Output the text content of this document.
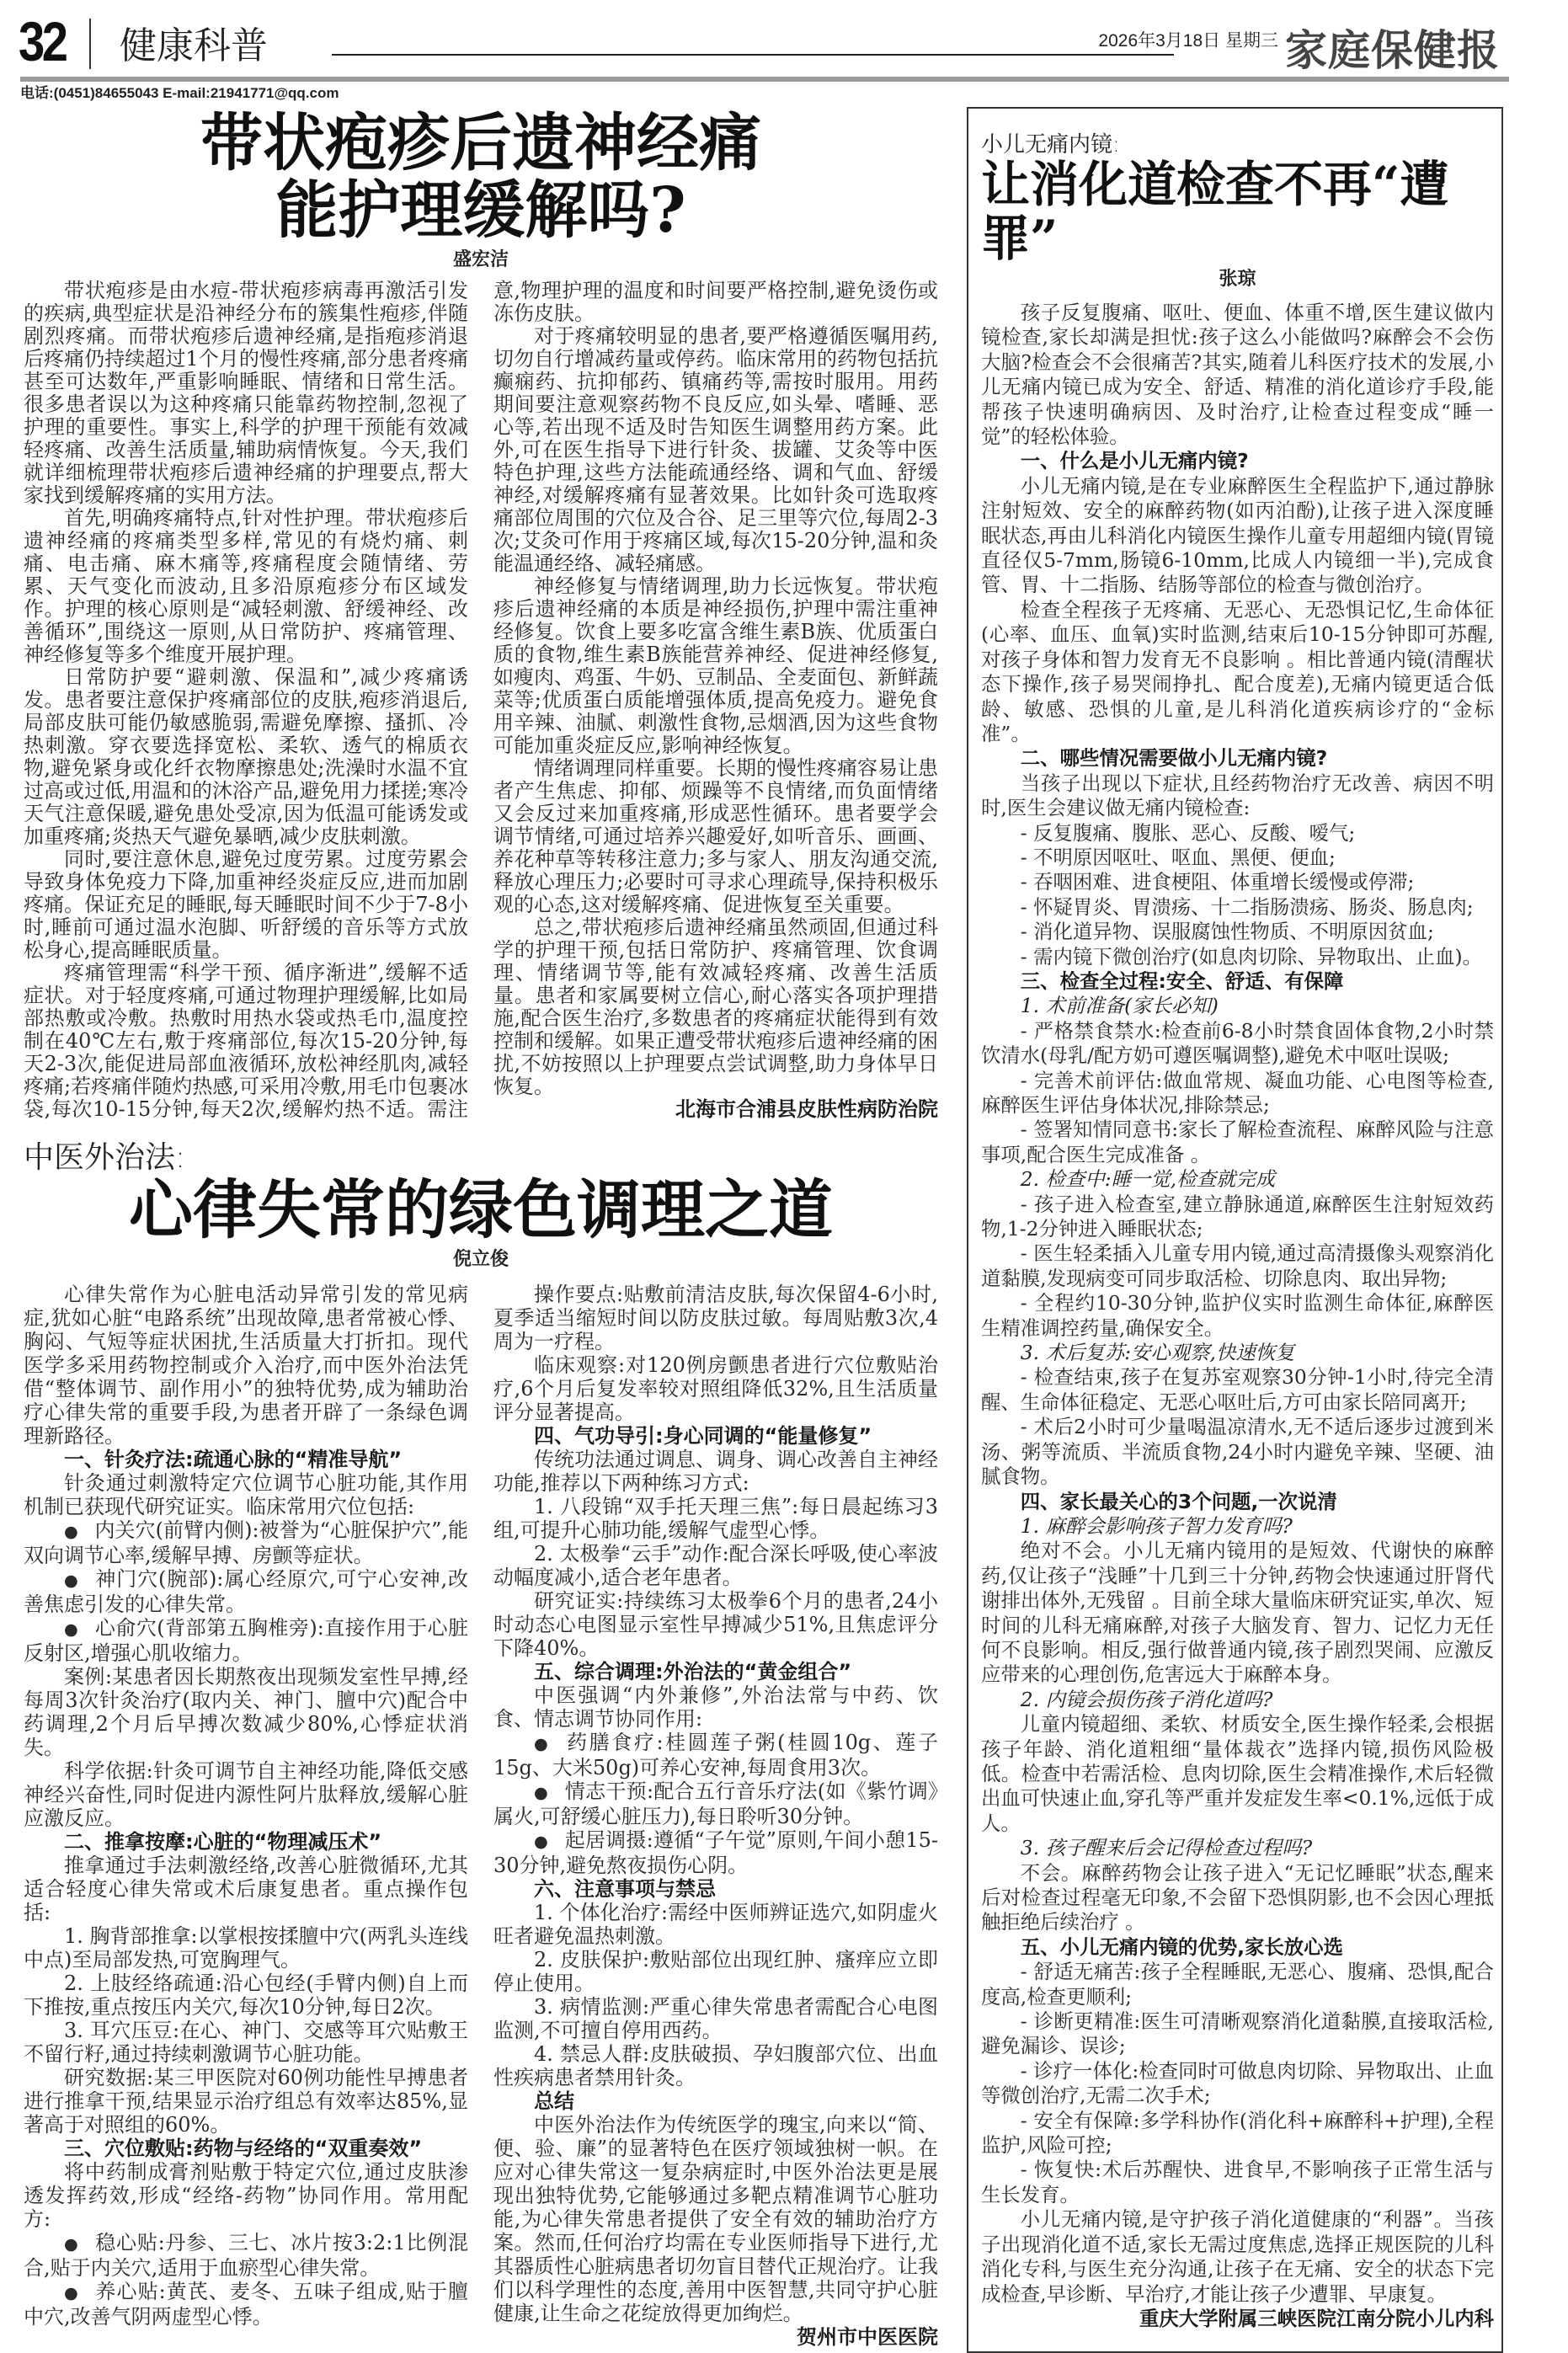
32 健康科普	2026年3月18日 星期三 家庭保健报
电话:(0451)84655043 E-mail:21941771@qq.com
带状疱疹后遗神经痛
能护理缓解吗?
盛宏洁

带状疱疹是由水痘-带状疱疹病毒再激活引发的疾病,典型症状是沿神经分布的簇集性疱疹,伴随剧烈疼痛。而带状疱疹后遗神经痛,是指疱疹消退后疼痛仍持续超过1个月的慢性疼痛,部分患者疼痛甚至可达数年,严重影响睡眠、情绪和日常生活。很多患者误以为这种疼痛只能靠药物控制,忽视了护理的重要性。事实上,科学的护理干预能有效减轻疼痛、改善生活质量,辅助病情恢复。今天,我们就详细梳理带状疱疹后遗神经痛的护理要点,帮大家找到缓解疼痛的实用方法。

首先,明确疼痛特点,针对性护理。带状疱疹后遗神经痛的疼痛类型多样,常见的有烧灼痛、刺痛、电击痛、麻木痛等,疼痛程度会随情绪、劳累、天气变化而波动,且多沿原疱疹分布区域发作。护理的核心原则是“减轻刺激、舒缓神经、改善循环”,围绕这一原则,从日常防护、疼痛管理、神经修复等多个维度开展护理。

日常防护要“避刺激、保温和”,减少疼痛诱发。患者要注意保护疼痛部位的皮肤,疱疹消退后,局部皮肤可能仍敏感脆弱,需避免摩擦、搔抓、冷热刺激。穿衣要选择宽松、柔软、透气的棉质衣物,避免紧身或化纤衣物摩擦患处;洗澡时水温不宜过高或过低,用温和的沐浴产品,避免用力揉搓;寒冷天气注意保暖,避免患处受凉,因为低温可能诱发或加重疼痛;炎热天气避免暴晒,减少皮肤刺激。

同时,要注意休息,避免过度劳累。过度劳累会导致身体免疫力下降,加重神经炎症反应,进而加剧疼痛。保证充足的睡眠,每天睡眠时间不少于7-8小时,睡前可通过温水泡脚、听舒缓的音乐等方式放松身心,提高睡眠质量。

疼痛管理需“科学干预、循序渐进”,缓解不适症状。对于轻度疼痛,可通过物理护理缓解,比如局部热敷或冷敷。热敷时用热水袋或热毛巾,温度控制在40℃左右,敷于疼痛部位,每次15-20分钟,每天2-3次,能促进局部血液循环,放松神经肌肉,减轻疼痛;若疼痛伴随灼热感,可采用冷敷,用毛巾包裹冰袋,每次10-15分钟,每天2次,缓解灼热不适。需注意,物理护理的温度和时间要严格控制,避免烫伤或冻伤皮肤。

对于疼痛较明显的患者,要严格遵循医嘱用药,切勿自行增减药量或停药。临床常用的药物包括抗癫痫药、抗抑郁药、镇痛药等,需按时服用。用药期间要注意观察药物不良反应,如头晕、嗜睡、恶心等,若出现不适及时告知医生调整用药方案。此外,可在医生指导下进行针灸、拔罐、艾灸等中医特色护理,这些方法能疏通经络、调和气血、舒缓神经,对缓解疼痛有显著效果。比如针灸可选取疼痛部位周围的穴位及合谷、足三里等穴位,每周2-3次;艾灸可作用于疼痛区域,每次15-20分钟,温和灸能温通经络、减轻痛感。

神经修复与情绪调理,助力长远恢复。带状疱疹后遗神经痛的本质是神经损伤,护理中需注重神经修复。饮食上要多吃富含维生素B族、优质蛋白质的食物,维生素B族能营养神经、促进神经修复,如瘦肉、鸡蛋、牛奶、豆制品、全麦面包、新鲜蔬菜等;优质蛋白质能增强体质,提高免疫力。避免食用辛辣、油腻、刺激性食物,忌烟酒,因为这些食物可能加重炎症反应,影响神经恢复。

情绪调理同样重要。长期的慢性疼痛容易让患者产生焦虑、抑郁、烦躁等不良情绪,而负面情绪又会反过来加重疼痛,形成恶性循环。患者要学会调节情绪,可通过培养兴趣爱好,如听音乐、画画、养花种草等转移注意力;多与家人、朋友沟通交流,释放心理压力;必要时可寻求心理疏导,保持积极乐观的心态,这对缓解疼痛、促进恢复至关重要。

总之,带状疱疹后遗神经痛虽然顽固,但通过科学的护理干预,包括日常防护、疼痛管理、饮食调理、情绪调节等,能有效减轻疼痛、改善生活质量。患者和家属要树立信心,耐心落实各项护理措施,配合医生治疗,多数患者的疼痛症状能得到有效控制和缓解。如果正遭受带状疱疹后遗神经痛的困扰,不妨按照以上护理要点尝试调整,助力身体早日恢复。

北海市合浦县皮肤性病防治院

中医外治法:
心律失常的绿色调理之道
倪立俊

心律失常作为心脏电活动异常引发的常见病症,犹如心脏“电路系统”出现故障,患者常被心悸、胸闷、气短等症状困扰,生活质量大打折扣。现代医学多采用药物控制或介入治疗,而中医外治法凭借“整体调节、副作用小”的独特优势,成为辅助治疗心律失常的重要手段,为患者开辟了一条绿色调理新路径。

一、针灸疗法:疏通心脉的“精准导航”

针灸通过刺激特定穴位调节心脏功能,其作用机制已获现代研究证实。临床常用穴位包括:

● 内关穴(前臂内侧):被誉为“心脏保护穴”,能双向调节心率,缓解早搏、房颤等症状。

● 神门穴(腕部):属心经原穴,可宁心安神,改善焦虑引发的心律失常。

● 心俞穴(背部第五胸椎旁):直接作用于心脏反射区,增强心肌收缩力。

案例:某患者因长期熬夜出现频发室性早搏,经每周3次针灸治疗(取内关、神门、膻中穴)配合中药调理,2个月后早搏次数减少80%,心悸症状消失。

科学依据:针灸可调节自主神经功能,降低交感神经兴奋性,同时促进内源性阿片肽释放,缓解心脏应激反应。

二、推拿按摩:心脏的“物理减压术”

推拿通过手法刺激经络,改善心脏微循环,尤其适合轻度心律失常或术后康复患者。重点操作包括:

1. 胸背部推拿:以掌根按揉膻中穴(两乳头连线中点)至局部发热,可宽胸理气。

2. 上肢经络疏通:沿心包经(手臂内侧)自上而下推按,重点按压内关穴,每次10分钟,每日2次。

3. 耳穴压豆:在心、神门、交感等耳穴贴敷王不留行籽,通过持续刺激调节心脏功能。

研究数据:某三甲医院对60例功能性早搏患者进行推拿干预,结果显示治疗组总有效率达85%,显著高于对照组的60%。

三、穴位敷贴:药物与经络的“双重奏效”

将中药制成膏剂贴敷于特定穴位,通过皮肤渗透发挥药效,形成“经络-药物”协同作用。常用配方:

● 稳心贴:丹参、三七、冰片按3:2:1比例混合,贴于内关穴,适用于血瘀型心律失常。

● 养心贴:黄芪、麦冬、五味子组成,贴于膻中穴,改善气阴两虚型心悸。

操作要点:贴敷前清洁皮肤,每次保留4-6小时,夏季适当缩短时间以防皮肤过敏。每周贴敷3次,4周为一疗程。

临床观察:对120例房颤患者进行穴位敷贴治疗,6个月后复发率较对照组降低32%,且生活质量评分显著提高。

四、气功导引:身心同调的“能量修复”

传统功法通过调息、调身、调心改善自主神经功能,推荐以下两种练习方式:

1. 八段锦“双手托天理三焦”:每日晨起练习3组,可提升心肺功能,缓解气虚型心悸。

2. 太极拳“云手”动作:配合深长呼吸,使心率波动幅度减小,适合老年患者。

研究证实:持续练习太极拳6个月的患者,24小时动态心电图显示室性早搏减少51%,且焦虑评分下降40%。

五、综合调理:外治法的“黄金组合”

中医强调“内外兼修”,外治法常与中药、饮食、情志调节协同作用:

● 药膳食疗:桂圆莲子粥(桂圆10g、莲子15g、大米50g)可养心安神,每周食用3次。

● 情志干预:配合五行音乐疗法(如《紫竹调》属火,可舒缓心脏压力),每日聆听30分钟。

● 起居调摄:遵循“子午觉”原则,午间小憩15-30分钟,避免熬夜损伤心阴。

六、注意事项与禁忌

1. 个体化治疗:需经中医师辨证选穴,如阴虚火旺者避免温热刺激。

2. 皮肤保护:敷贴部位出现红肿、瘙痒应立即停止使用。

3. 病情监测:严重心律失常患者需配合心电图监测,不可擅自停用西药。

4. 禁忌人群:皮肤破损、孕妇腹部穴位、出血性疾病患者禁用针灸。

总结

中医外治法作为传统医学的瑰宝,向来以“简、便、验、廉”的显著特色在医疗领域独树一帜。在应对心律失常这一复杂病症时,中医外治法更是展现出独特优势,它能够通过多靶点精准调节心脏功能,为心律失常患者提供了安全有效的辅助治疗方案。然而,任何治疗均需在专业医师指导下进行,尤其器质性心脏病患者切勿盲目替代正规治疗。让我们以科学理性的态度,善用中医智慧,共同守护心脏健康,让生命之花绽放得更加绚烂。

贺州市中医医院

小儿无痛内镜:
让消化道检查不再“遭罪”
张琼

孩子反复腹痛、呕吐、便血、体重不增,医生建议做内镜检查,家长却满是担忧:孩子这么小能做吗?麻醉会不会伤大脑?检查会不会很痛苦?其实,随着儿科医疗技术的发展,小儿无痛内镜已成为安全、舒适、精准的消化道诊疗手段,能帮孩子快速明确病因、及时治疗,让检查过程变成“睡一觉”的轻松体验。

一、什么是小儿无痛内镜?

小儿无痛内镜,是在专业麻醉医生全程监护下,通过静脉注射短效、安全的麻醉药物(如丙泊酚),让孩子进入深度睡眠状态,再由儿科消化内镜医生操作儿童专用超细内镜(胃镜直径仅5-7mm,肠镜6-10mm,比成人内镜细一半),完成食管、胃、十二指肠、结肠等部位的检查与微创治疗。

检查全程孩子无疼痛、无恶心、无恐惧记忆,生命体征(心率、血压、血氧)实时监测,结束后10-15分钟即可苏醒,对孩子身体和智力发育无不良影响 。相比普通内镜(清醒状态下操作,孩子易哭闹挣扎、配合度差),无痛内镜更适合低龄、敏感、恐惧的儿童,是儿科消化道疾病诊疗的“金标准”。

二、哪些情况需要做小儿无痛内镜?

当孩子出现以下症状,且经药物治疗无改善、病因不明时,医生会建议做无痛内镜检查:

- 反复腹痛、腹胀、恶心、反酸、嗳气;

- 不明原因呕吐、呕血、黑便、便血;

- 吞咽困难、进食梗阻、体重增长缓慢或停滞;

- 怀疑胃炎、胃溃疡、十二指肠溃疡、肠炎、肠息肉;

- 消化道异物、误服腐蚀性物质、不明原因贫血;

- 需内镜下微创治疗(如息肉切除、异物取出、止血)。

三、检查全过程:安全、舒适、有保障

1. 术前准备(家长必知)

- 严格禁食禁水:检查前6-8小时禁食固体食物,2小时禁饮清水(母乳/配方奶可遵医嘱调整),避免术中呕吐误吸;

- 完善术前评估:做血常规、凝血功能、心电图等检查,麻醉医生评估身体状况,排除禁忌;

- 签署知情同意书:家长了解检查流程、麻醉风险与注意事项,配合医生完成准备 。

2. 检查中:睡一觉,检查就完成

- 孩子进入检查室,建立静脉通道,麻醉医生注射短效药物,1-2分钟进入睡眠状态;

- 医生轻柔插入儿童专用内镜,通过高清摄像头观察消化道黏膜,发现病变可同步取活检、切除息肉、取出异物;

- 全程约10-30分钟,监护仪实时监测生命体征,麻醉医生精准调控药量,确保安全。

3. 术后复苏:安心观察,快速恢复

- 检查结束,孩子在复苏室观察30分钟-1小时,待完全清醒、生命体征稳定、无恶心呕吐后,方可由家长陪同离开;

- 术后2小时可少量喝温凉清水,无不适后逐步过渡到米汤、粥等流质、半流质食物,24小时内避免辛辣、坚硬、油腻食物。

四、家长最关心的3个问题,一次说清

1. 麻醉会影响孩子智力发育吗?

绝对不会。小儿无痛内镜用的是短效、代谢快的麻醉药,仅让孩子“浅睡”十几到三十分钟,药物会快速通过肝肾代谢排出体外,无残留 。目前全球大量临床研究证实,单次、短时间的儿科无痛麻醉,对孩子大脑发育、智力、记忆力无任何不良影响。相反,强行做普通内镜,孩子剧烈哭闹、应激反应带来的心理创伤,危害远大于麻醉本身。

2. 内镜会损伤孩子消化道吗?

儿童内镜超细、柔软、材质安全,医生操作轻柔,会根据孩子年龄、消化道粗细“量体裁衣”选择内镜,损伤风险极低。检查中若需活检、息肉切除,医生会精准操作,术后轻微出血可快速止血,穿孔等严重并发症发生率<0.1%,远低于成人。

3. 孩子醒来后会记得检查过程吗?

不会。麻醉药物会让孩子进入“无记忆睡眠”状态,醒来后对检查过程毫无印象,不会留下恐惧阴影,也不会因心理抵触拒绝后续治疗 。

五、小儿无痛内镜的优势,家长放心选

- 舒适无痛苦:孩子全程睡眠,无恶心、腹痛、恐惧,配合度高,检查更顺利;

- 诊断更精准:医生可清晰观察消化道黏膜,直接取活检,避免漏诊、误诊;

- 诊疗一体化:检查同时可做息肉切除、异物取出、止血等微创治疗,无需二次手术;

- 安全有保障:多学科协作(消化科+麻醉科+护理),全程监护,风险可控;

- 恢复快:术后苏醒快、进食早,不影响孩子正常生活与生长发育。

小儿无痛内镜,是守护孩子消化道健康的“利器”。当孩子出现消化道不适,家长无需过度焦虑,选择正规医院的儿科消化专科,与医生充分沟通,让孩子在无痛、安全的状态下完成检查,早诊断、早治疗,才能让孩子少遭罪、早康复。

重庆大学附属三峡医院江南分院小儿内科
